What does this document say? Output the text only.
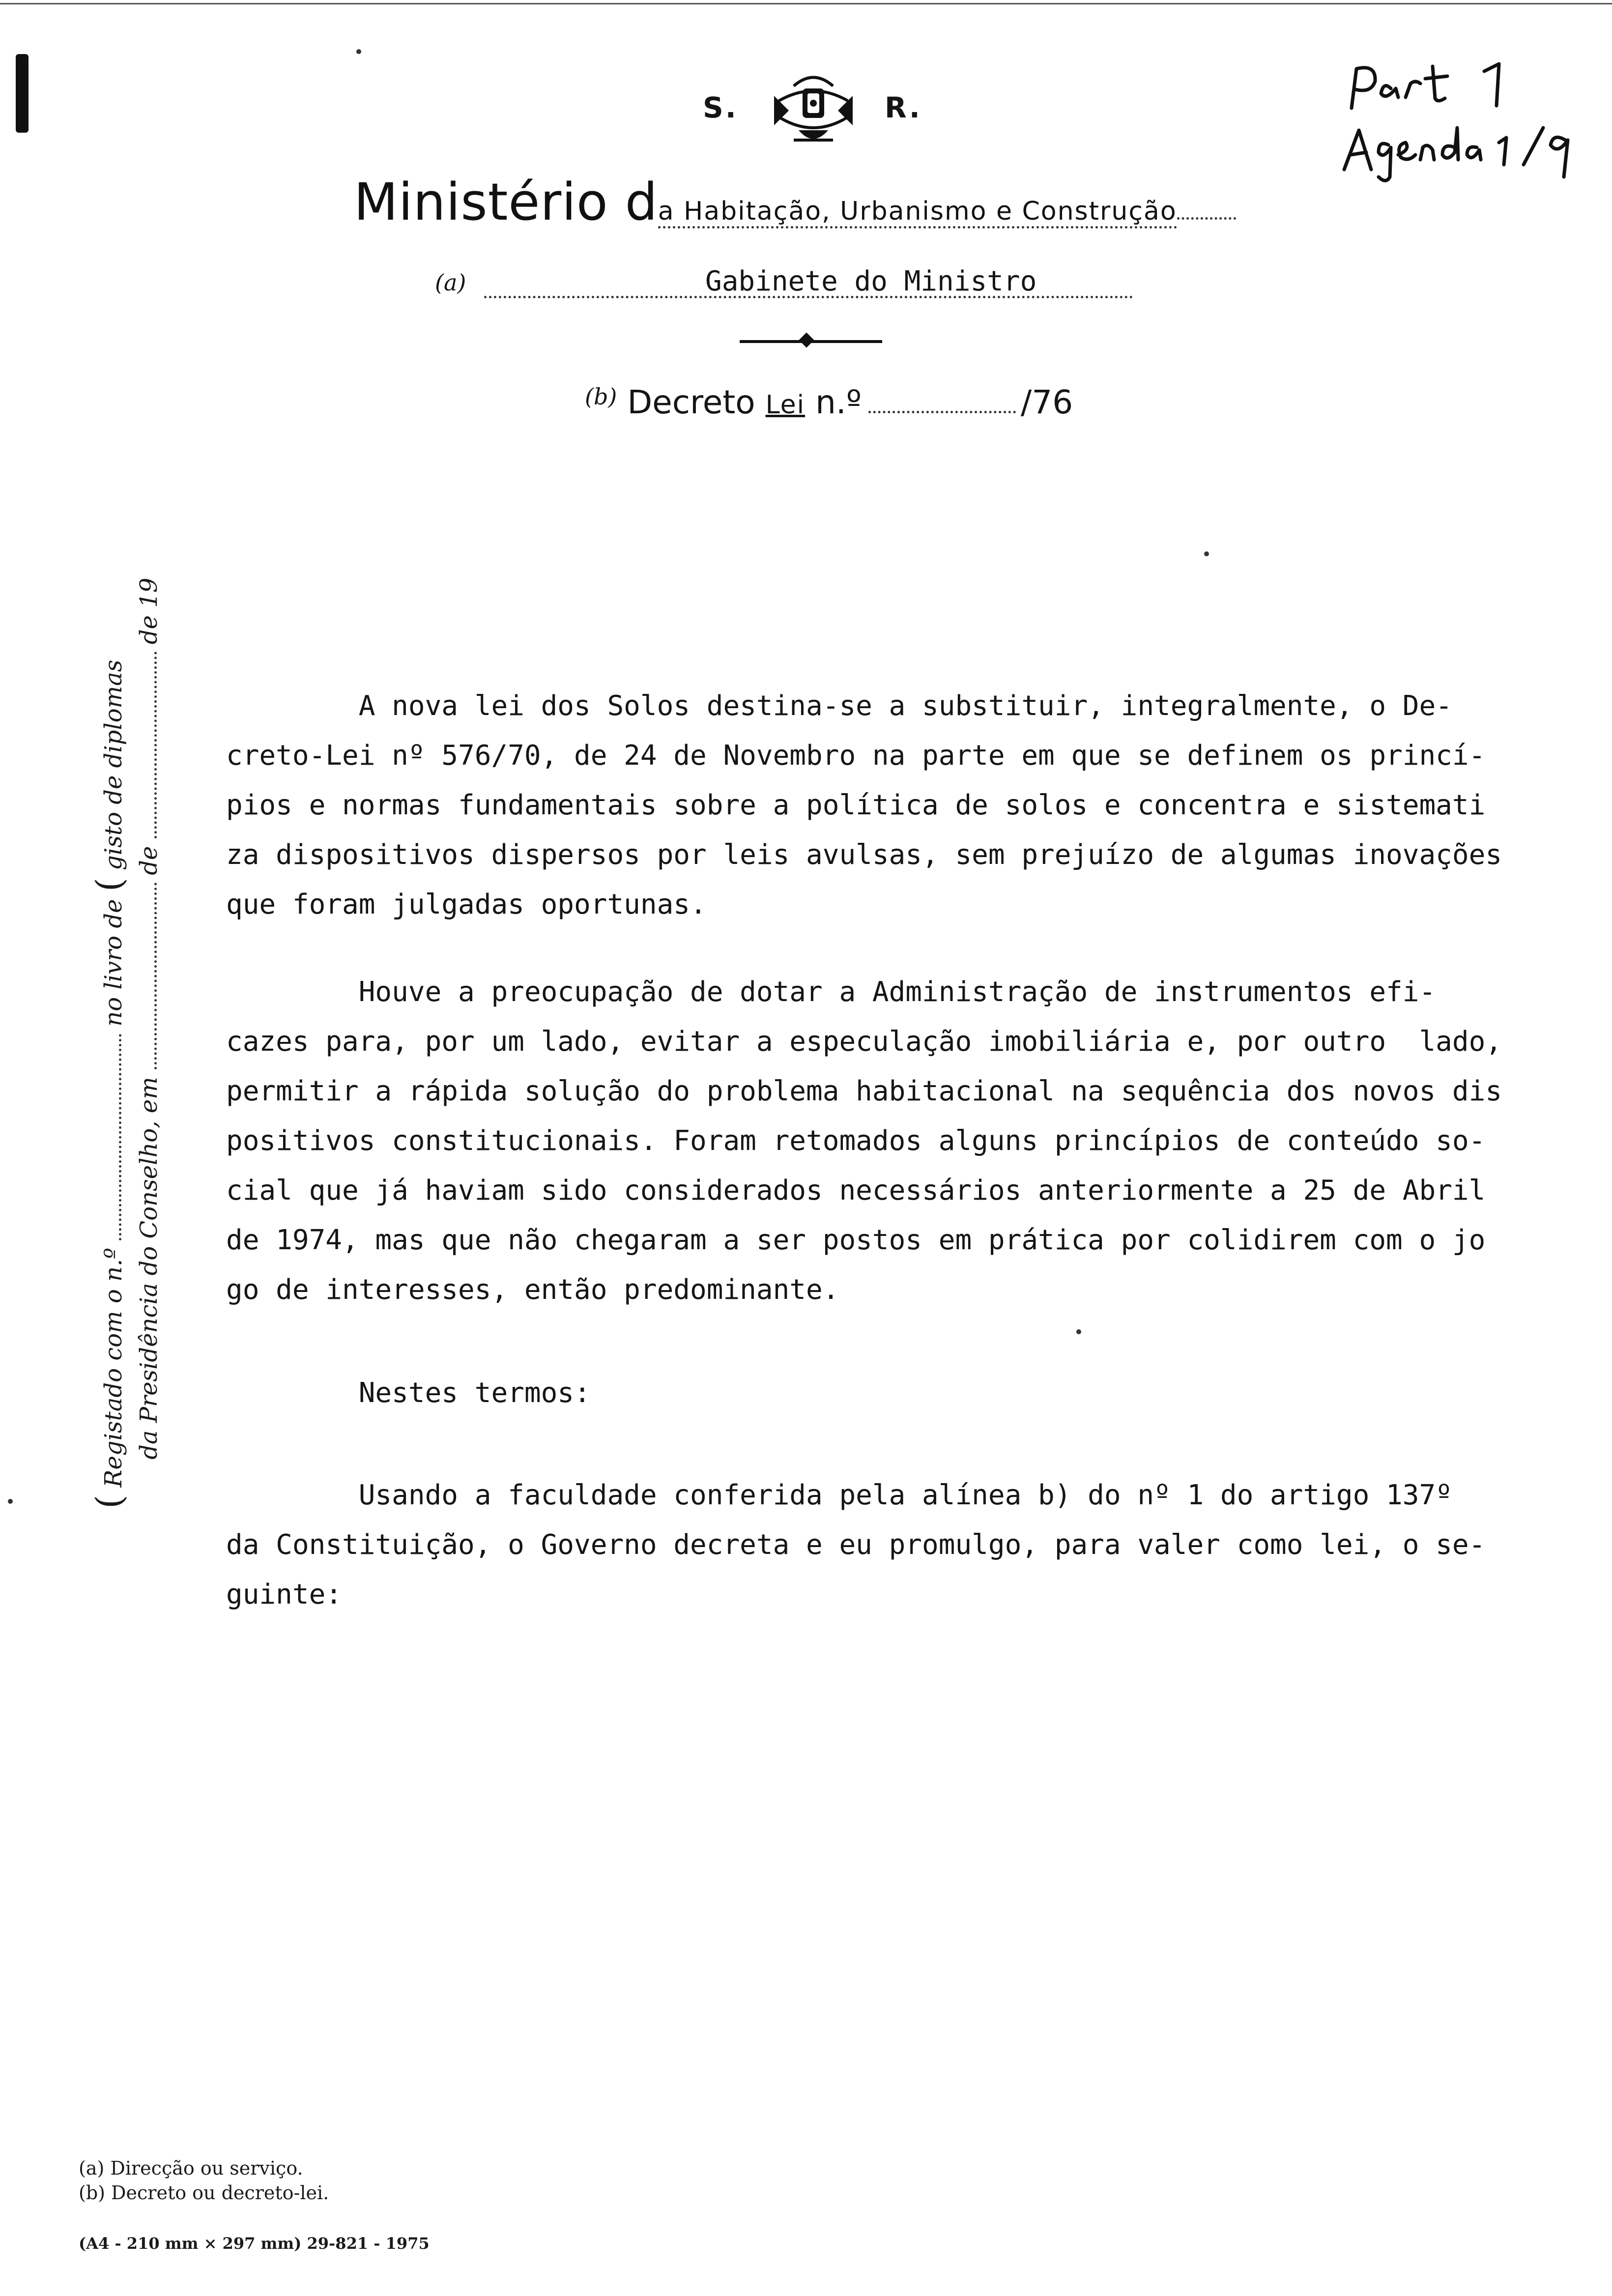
S.	R.
Ministério da Habitação, Urbanismo e Construção
(a)	Gabinete do Ministro
$^{(b)}$ Decreto Lei n.º	/76
( Registado com o n.º  no livro de ( gisto de diplomas
da Presidência do Conselho, em  de  de 19
A nova lei dos Solos destina-se a substituir, integralmente, o De-
creto-Lei nº 576/70, de 24 de Novembro na parte em que se definem os princí-
pios e normas fundamentais sobre a política de solos e concentra e sistemati
za dispositivos dispersos por leis avulsas, sem prejuízo de algumas inovações
que foram julgadas oportunas.
Houve a preocupação de dotar a Administração de instrumentos efi-
cazes para, por um lado, evitar a especulação imobiliária e, por outro  lado,
permitir a rápida solução do problema habitacional na sequência dos novos dis
positivos constitucionais. Foram retomados alguns princípios de conteúdo so-
cial que já haviam sido considerados necessários anteriormente a 25 de Abril
de 1974, mas que não chegaram a ser postos em prática por colidirem com o jo
go de interesses, então predominante.
Nestes termos:
Usando a faculdade conferida pela alínea b) do nº 1 do artigo 137º
da Constituição, o Governo decreta e eu promulgo, para valer como lei, o se-
guinte:
(a) Direcção ou serviço.
(b) Decreto ou decreto-lei.
(A4 - 210 mm × 297 mm) 29-821 - 1975
